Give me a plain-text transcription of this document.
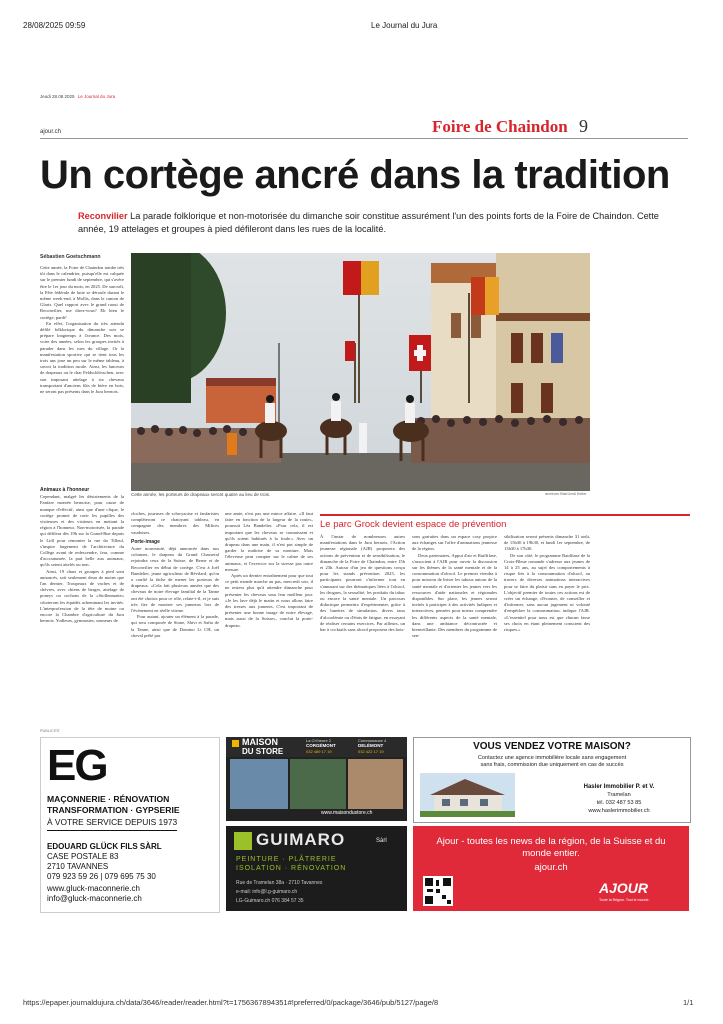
28/08/2025 09:59	Le Journal du Jura
Jeudi 28.08.2025 Le Journal du Jura
ajour.ch	Foire de Chaindon 9
Un cortège ancré dans la tradition
Reconvilier La parade folklorique et non-motorisée du dimanche soir constitue assurément l'un des points forts de la Foire de Chaindon. Cette année, 19 attelages et groupes à pied défileront dans les rues de la localité.
Sébastien Goetschmann

Cette année, la Foire de Chaindon tombe très tôt dans le calendrier, puisqu'elle est calquée sur le premier lundi de septembre, qui s'avère être le 1er jour du mois, en 2025. De surcroît, la Fête fédérale de lutte se déroule durant le même week-end, à Mollis, dans le canton de Glaris. Quel rapport avec le grand raout de Reconvilier, me direz-vous? Eh bien le cortège, pardi!

En effet, l'organisation du très attendu défilé folklorique du dimanche soir se prépare longtemps à l'avance. Des mois, voire des années, selon les groupes invités à parader dans les rues du village. Or la manifestation sportive qui se tient tous les trois ans joue un peu sur le même tableau, à savoir la tradition rurale. Ainsi, les lanceurs de drapeaux ou le char Feldschlösschen, avec son imposant attelage à six chevaux transportant d'anciens fûts de bière en bois, ne seront pas présents dans le Jura bernois.

Cette année, les porteurs de drapeaux seront quatre au lieu de trois.	archives Bist/Jordi Keller
Animaux à l'honneur

Cependant, malgré les désistements de la Fanfare montée bernoise, pour cause de manque d'effectif, ainsi que d'une clique, le cortège promet de ravir les pupilles des visiteuses et des visiteurs en mettant la région à l'honneur. Non-motorisée, la parade qui défilera dès 19h sur la Grand-Rue depuis le Lidl pour remonter la rue du Tilleul, s'inspire largement de l'architecture du Collège avant de redescendre, fera, comme d'accoutumée, la part belle aux animaux, qu'ils soient attelés ou non.

Ainsi, 19 chars et groupes à pied sont annoncés, soit seulement deux de moins que l'an dernier. Troupeaux de vaches et de chèvres, avec chiens de berger, attelage de poneys ou cochons de la «Stollenmatte» côtoieront les équidés acheminant les invités. L'interprofession de la tête de moine ou encore la Chambre d'agriculture du Jura bernois. Yodleurs, gymnastes, sonneurs de

cloches, joueuses de schwyzoise et fanfaristes compléteront ce chatoyant tableau, en compagnie des membres des Milices vaudoises.

Porte-image

Autre nouveauté, déjà annoncée dans nos colonnes, le drapeau du Grand Chasseral rejoindra ceux de la Suisse, de Berne et de Reconvilier en début de cortège. C'est à Joël Bandelier, jeune agriculteur de Bévilard, qu'on a confié la tâche de mener les porteurs de drapeaux. «Cela fait plusieurs années que des chevaux de notre élevage familial de la Tanne ont été choisis pour ce rôle, relate-t-il, et je suis très fier de montrer ses jumeaux lors de l'événement en réelle vitrine.

Pour autant, ajouter un élément à la parade, qui sera composée de Stone, Shivi et Safta de la Tanne, ainsi que de Domino Li CH, un cheval prêté par

une amie, n'est pas une mince affaire. «Il faut faire en fonction de la largeur de la route», poursuit Léa Bandelier. «Pour cela, il est important que les chevaux se connaissent et qu'ils soient habitués à la foule.» Avec un drapeau dans une main, il n'est pas simple de garder la maîtrise de sa monture. Mais l'éleveuse peut compter sur le calme de ses animaux, et l'exercice sur la stresse pas outre mesure.

Après un dernier entraînement pour que tout ce petit monde marche au pas, mercredi soir, il ne restera plus qu'à attendre dimanche pour présenter les chevaux sous leur meilleur jour. «Je les lave déjà le matin et nous allons faire des tresses aux juments. C'est important de présenter une bonne image de notre élevage, mais aussi de la Suisse», conclut la porte-drapeau.

Le parc Grock devient espace de prévention

À l'instar de nombreuses autres manifestations dans le Jura bernois, l'Action jeunesse régionale (AJR) proposera des actions de prévention et de sensibilisation, le dimanche de la Foire de Chaindon, entre 15h et 23h. Autour d'un jeu de questions conçu pour les stands prévention 2025, les participants pourront s'informer tout en s'amusant sur des thématiques liées à l'alcool, les drogues, la sexualité, les produits du tabac ou encore la santé mentale. Un parcours didactique permettra d'expérimenter, grâce à des lunettes de simulation, divers taux d'alcoolémie ou d'états de fatigue, en essayant de réaliser certains exercices. Par ailleurs, un bar à cocktails sans alcool proposera des bois-

sons gratuites dans un espace cosy propice aux échanges sur l'offre d'animations jeunesse de la région.

Deux partenaires, Appui d'air et Raiffifase, s'associent à l'AJR pour ouvrir la discussion sur les thèmes de la santé mentale et de la consommation d'alcool. Le premier viendra à pour mission de briser les tabous autour de la santé mentale et d'orienter les jeunes vers les ressources d'aide nationales et régionales disponibles. Sur place, les jeunes seront invités à participer à des activités ludiques et interactives, pensées pour mieux comprendre les différents aspects de la santé mentale, dans une ambiance décontractée et bienveillante. Des membres du programme de sen-

sibilisation seront présents dimanche 31 août, de 15h30 à 19h30, et lundi 1er septembre, de 13h30 à 17h30.

De son côté, le programme Raidfiase de la Croix-Bleue romande s'adresse aux jeunes de 14 à 25 ans, au sujet des comportements à risque liés à la consommation d'alcool, au travers de diverses animations interactives pour se faire du plaisir sans en payer le prix. L'objectif premier de toutes ces actions est de créer un échange, d'écouter, de conseiller et d'informer, sans aucun jugement ni volonté d'empêcher la consommation, indique l'AJR. «L'essentiel pour nous est que chacun fasse ses choix en étant pleinement conscient des risques.»

PUBLICITÉ
EG
MAÇONNERIE · RÉNOVATION
TRANSFORMATION · GYPSERIE
À VOTRE SERVICE DEPUIS 1973
EDOUARD GLÜCK FILS SÀRL
CASE POSTALE 83
2710 TAVANNES
079 923 59 26 | 079 695 75 30
www.gluck-maconnerie.ch
info@gluck-maconnerie.ch
MAISON
DU STORE
La Ch'heure 2
CORGÉMONT
032 489 17 19
Communance 4
DELÉMONT
032 422 17 19
www.maisondustore.ch
GUIMARO	Sàrl
PEINTURE · PLÂTRERIE
ISOLATION · RÉNOVATION
Rue de Tramelan 38a · 2710 Tavannes
e-mail: info@l.g-guimaro.ch
LG-Guimaro.ch 076 384 57 35
VOUS VENDEZ VOTRE MAISON?
Contactez une agence immobilière locale sans engagement
sans frais, commission due uniquement en cas de succès
Hasler Immobilier P. et V.
Tramelan
tél. 032 487 53 85
www.haslerimmobilier.ch
Ajour - toutes les news de la région, de la Suisse et du monde entier.
ajour.ch
AJOUR
Toute la Région. Tout le monde.
https://epaper.journaldujura.ch/data/3646/reader/reader.html?t=1756367894351#!preferred/0/package/3646/pub/5127/page/8	1/1
